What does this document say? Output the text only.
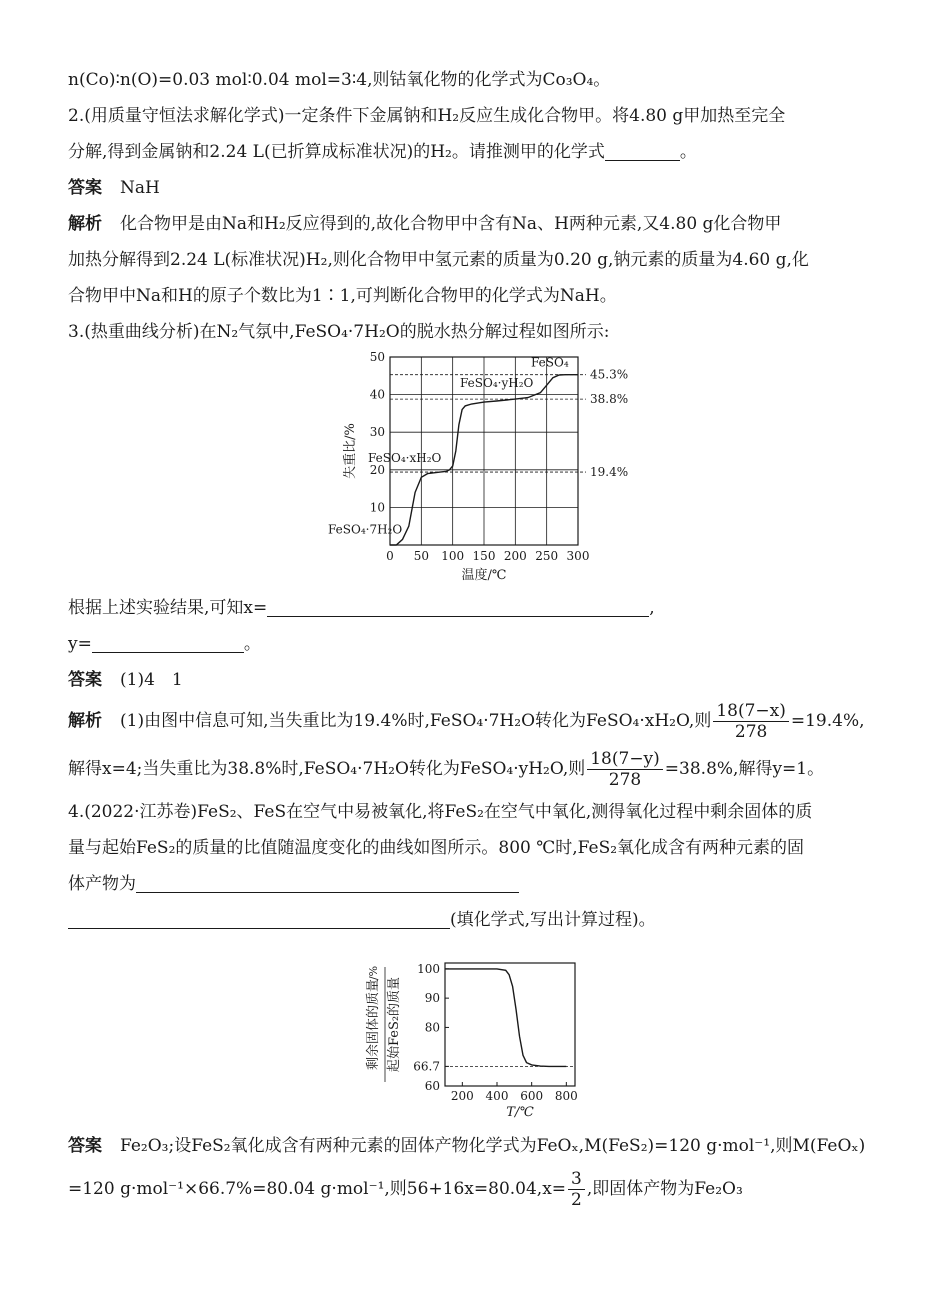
n(Co)∶n(O)=0.03 mol∶0.04 mol=3∶4,则钴氧化物的化学式为Co₃O₄。
2.(用质量守恒法求解化学式)一定条件下金属钠和H₂反应生成化合物甲。将4.80 g甲加热至完全
分解,得到金属钠和2.24 L(已折算成标准状况)的H₂。请推测甲的化学式	。
答案 NaH
解析 化合物甲是由Na和H₂反应得到的,故化合物甲中含有Na、H两种元素,又4.80 g化合物甲
加热分解得到2.24 L(标准状况)H₂,则化合物甲中氢元素的质量为0.20 g,钠元素的质量为4.60 g,化
合物甲中Na和H的原子个数比为1∶1,可判断化合物甲的化学式为NaH。
3.(热重曲线分析)在N₂气氛中,FeSO₄·7H₂O的脱水热分解过程如图所示:
0 50 100 150 200 250 300
10
20
30
40
50
19.4%
38.8%
45.3%
FeSO₄·7H₂O
FeSO₄·xH₂O
FeSO₄·yH₂O
FeSO₄
温度/℃
失重比/%
根据上述实验结果,可知x=	,
y=	。
答案 (1)4　1
解析 (1)由图中信息可知,当失重比为19.4%时,FeSO₄·7H₂O转化为FeSO₄·xH₂O,则 $\frac{18(7-x)}{278} =19.4\%$,
解得x=4;当失重比为38.8%时,FeSO₄·7H₂O转化为FeSO₄·yH₂O,则 $\frac{18(7-y)}{278} =38.8\%$,解得y=1。
4.(2022·江苏卷)FeS₂、FeS在空气中易被氧化,将FeS₂在空气中氧化,测得氧化过程中剩余固体的质
量与起始FeS₂的质量的比值随温度变化的曲线如图所示。800 ℃时,FeS₂氧化成含有两种元素的固
体产物为
(填化学式,写出计算过程)。
200 400 600 800
60
66.7
80
90
100
T/℃
剩余固体的质量 起始FeS₂的质量
/%
答案 Fe₂O₃;设FeS₂氧化成含有两种元素的固体产物化学式为FeOₓ,M(FeS₂)=120 g·mol⁻¹,则M(FeOₓ)
=120 g·mol⁻¹×66.7%=80.04 g·mol⁻¹,则$56+16x=80.04,x= \frac{3}{2}$ ,即固体产物为Fe₂O₃
